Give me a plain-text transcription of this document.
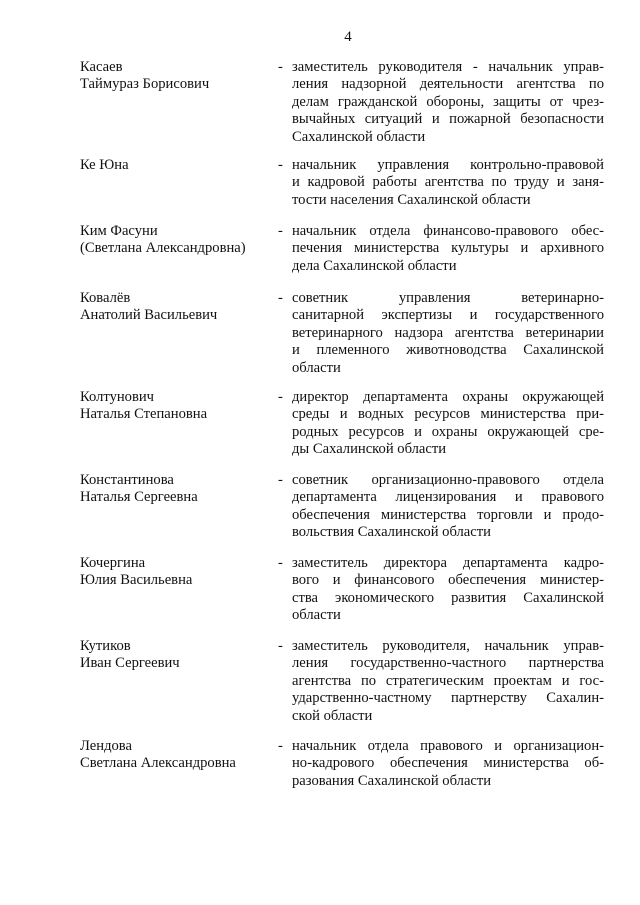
4
Касаев
Таймураз Борисович
- заместитель руководителя - начальник управ-
ления надзорной деятельности агентства по
делам гражданской обороны, защиты от чрез-
вычайных ситуаций и пожарной безопасности
Сахалинской области
Ке Юна	- начальник управления контрольно-правовой
и кадровой работы агентства по труду и заня-
тости населения Сахалинской области
Ким Фасуни
(Светлана Александровна)
- начальник отдела финансово-правового обес-
печения министерства культуры и архивного
дела Сахалинской области
Ковалёв
Анатолий Васильевич
- советник управления ветеринарно-
санитарной экспертизы и государственного
ветеринарного надзора агентства ветеринарии
и племенного животноводства Сахалинской
области
Колтунович
Наталья Степановна
- директор департамента охраны окружающей
среды и водных ресурсов министерства при-
родных ресурсов и охраны окружающей сре-
ды Сахалинской области
Константинова
Наталья Сергеевна
- советник организационно-правового отдела
департамента лицензирования и правового
обеспечения министерства торговли и продо-
вольствия Сахалинской области
Кочергина
Юлия Васильевна
- заместитель директора департамента кадро-
вого и финансового обеспечения министер-
ства экономического развития Сахалинской
области
Кутиков
Иван Сергеевич
- заместитель руководителя, начальник управ-
ления государственно-частного партнерства
агентства по стратегическим проектам и гос-
ударственно-частному партнерству Сахалин-
ской области
Лендова
Светлана Александровна
- начальник отдела правового и организацион-
но-кадрового обеспечения министерства об-
разования Сахалинской области
